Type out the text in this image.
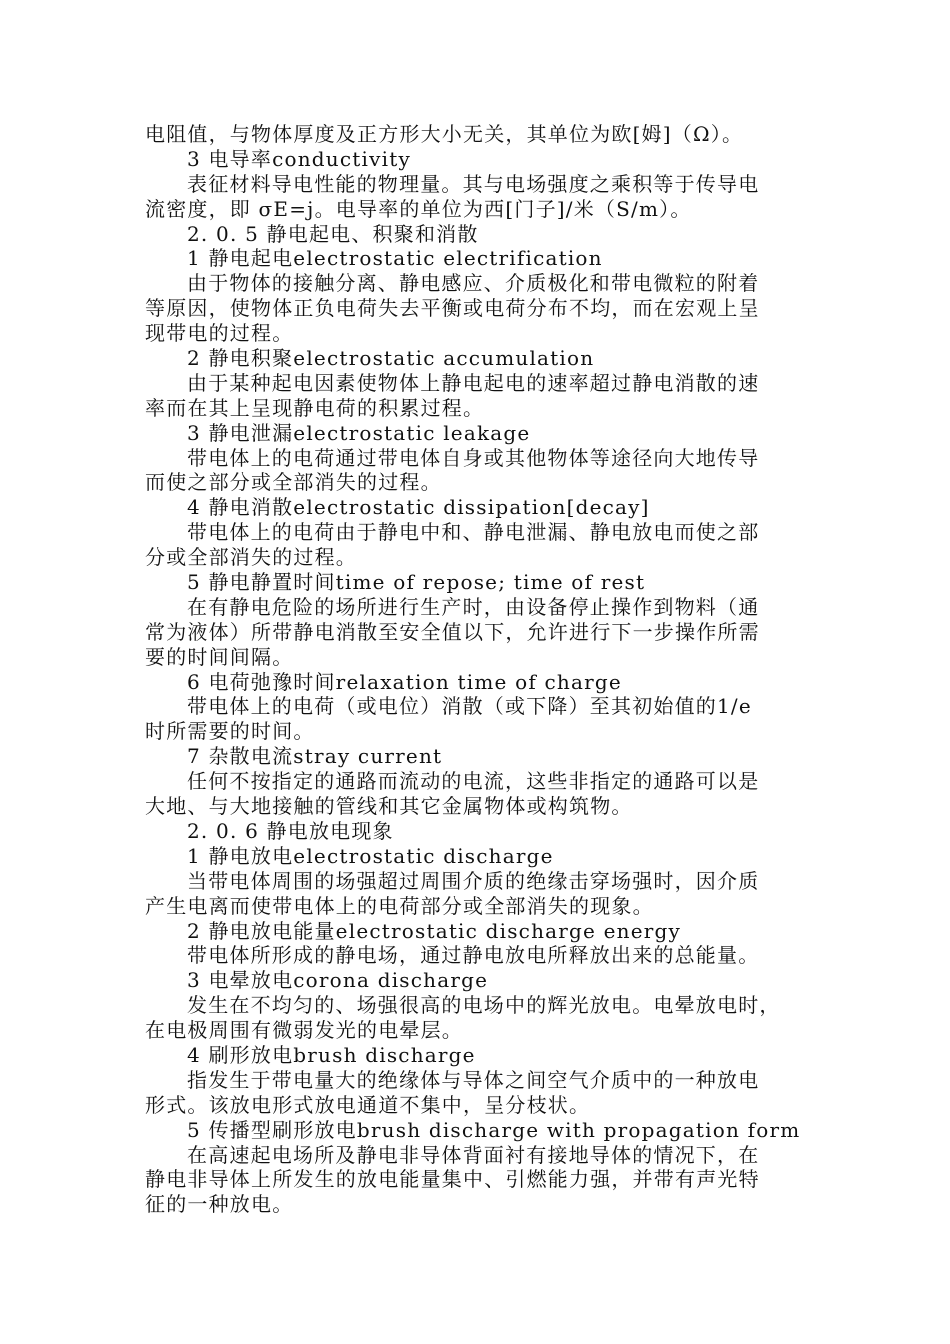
电阻值，与物体厚度及正方形大小无关，其单位为欧[姆]（Ω）。
3 电导率conductivity
表征材料导电性能的物理量。其与电场强度之乘积等于传导电
流密度，即 σE=j。电导率的单位为西[门子]/米（S/m）。
2. 0. 5 静电起电、积聚和消散
1 静电起电electrostatic electrification
由于物体的接触分离、静电感应、介质极化和带电微粒的附着
等原因，使物体正负电荷失去平衡或电荷分布不均，而在宏观上呈
现带电的过程。
2 静电积聚electrostatic accumulation
由于某种起电因素使物体上静电起电的速率超过静电消散的速
率而在其上呈现静电荷的积累过程。
3 静电泄漏electrostatic leakage
带电体上的电荷通过带电体自身或其他物体等途径向大地传导
而使之部分或全部消失的过程。
4 静电消散electrostatic dissipation[decay]
带电体上的电荷由于静电中和、静电泄漏、静电放电而使之部
分或全部消失的过程。
5 静电静置时间time of repose; time of rest
在有静电危险的场所进行生产时，由设备停止操作到物料（通
常为液体）所带静电消散至安全值以下，允许进行下一步操作所需
要的时间间隔。
6 电荷弛豫时间relaxation time of charge
带电体上的电荷（或电位）消散（或下降）至其初始值的1/e
时所需要的时间。
7 杂散电流stray current
任何不按指定的通路而流动的电流，这些非指定的通路可以是
大地、与大地接触的管线和其它金属物体或构筑物。
2. 0. 6 静电放电现象
1 静电放电electrostatic discharge
当带电体周围的场强超过周围介质的绝缘击穿场强时，因介质
产生电离而使带电体上的电荷部分或全部消失的现象。
2 静电放电能量electrostatic discharge energy
带电体所形成的静电场，通过静电放电所释放出来的总能量。
3 电晕放电corona discharge
发生在不均匀的、场强很高的电场中的辉光放电。电晕放电时，
在电极周围有微弱发光的电晕层。
4 刷形放电brush discharge
指发生于带电量大的绝缘体与导体之间空气介质中的一种放电
形式。该放电形式放电通道不集中，呈分枝状。
5 传播型刷形放电brush discharge with propagation form
在高速起电场所及静电非导体背面衬有接地导体的情况下，在
静电非导体上所发生的放电能量集中、引燃能力强，并带有声光特
征的一种放电。
